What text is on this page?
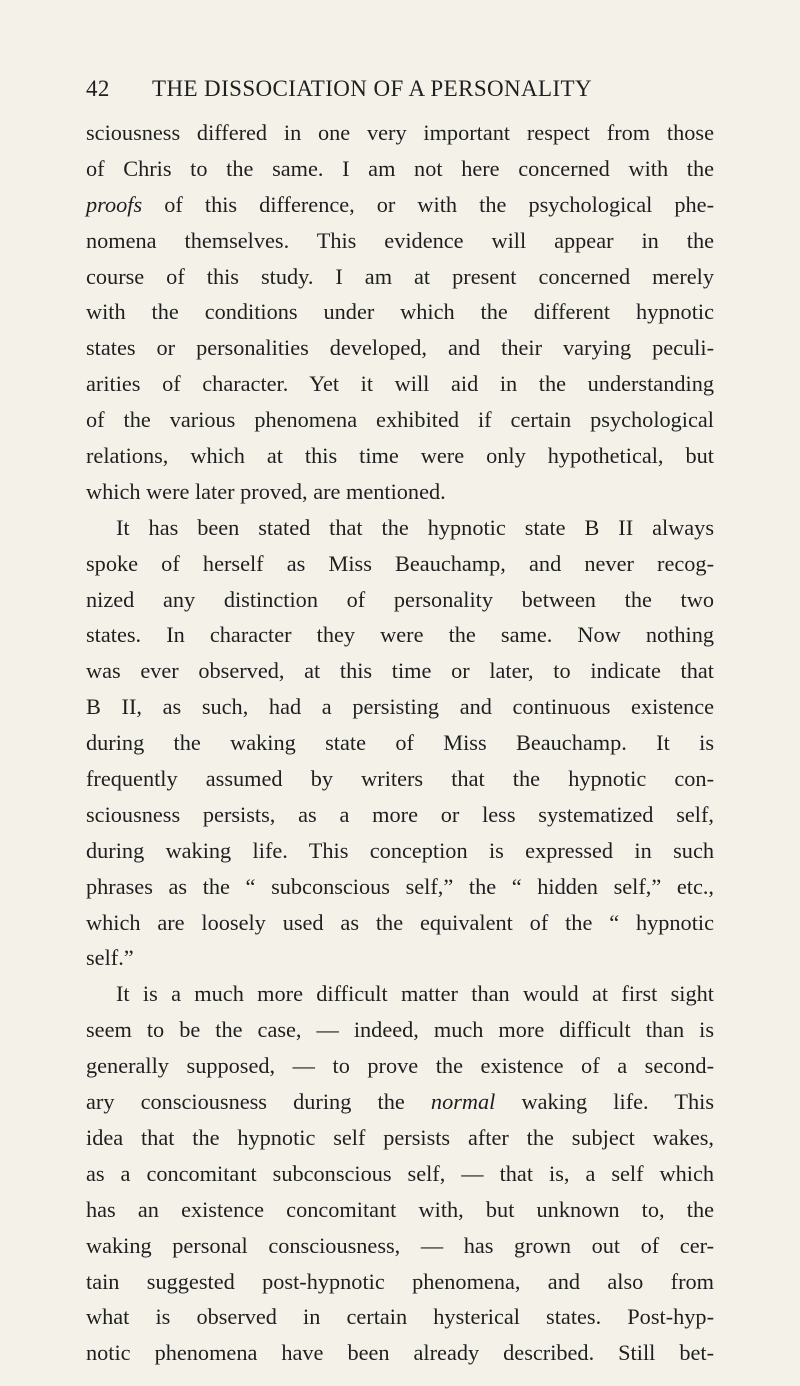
42 THE DISSOCIATION OF A PERSONALITY
sciousness differed in one very important respect from those
of Chris to the same. I am not here concerned with the
proofs of this difference, or with the psychological phe-
nomena themselves. This evidence will appear in the
course of this study. I am at present concerned merely
with the conditions under which the different hypnotic
states or personalities developed, and their varying peculi-
arities of character. Yet it will aid in the understanding
of the various phenomena exhibited if certain psychological
relations, which at this time were only hypothetical, but
which were later proved, are mentioned.
It has been stated that the hypnotic state B II always
spoke of herself as Miss Beauchamp, and never recog-
nized any distinction of personality between the two
states. In character they were the same. Now nothing
was ever observed, at this time or later, to indicate that
B II, as such, had a persisting and continuous existence
during the waking state of Miss Beauchamp. It is
frequently assumed by writers that the hypnotic con-
sciousness persists, as a more or less systematized self,
during waking life. This conception is expressed in such
phrases as the “ subconscious self,” the “ hidden self,” etc.,
which are loosely used as the equivalent of the “ hypnotic
self.”
It is a much more difficult matter than would at first sight
seem to be the case, — indeed, much more difficult than is
generally supposed, — to prove the existence of a second-
ary consciousness during the normal waking life. This
idea that the hypnotic self persists after the subject wakes,
as a concomitant subconscious self, — that is, a self which
has an existence concomitant with, but unknown to, the
waking personal consciousness, — has grown out of cer-
tain suggested post-hypnotic phenomena, and also from
what is observed in certain hysterical states. Post-hyp-
notic phenomena have been already described. Still bet-
